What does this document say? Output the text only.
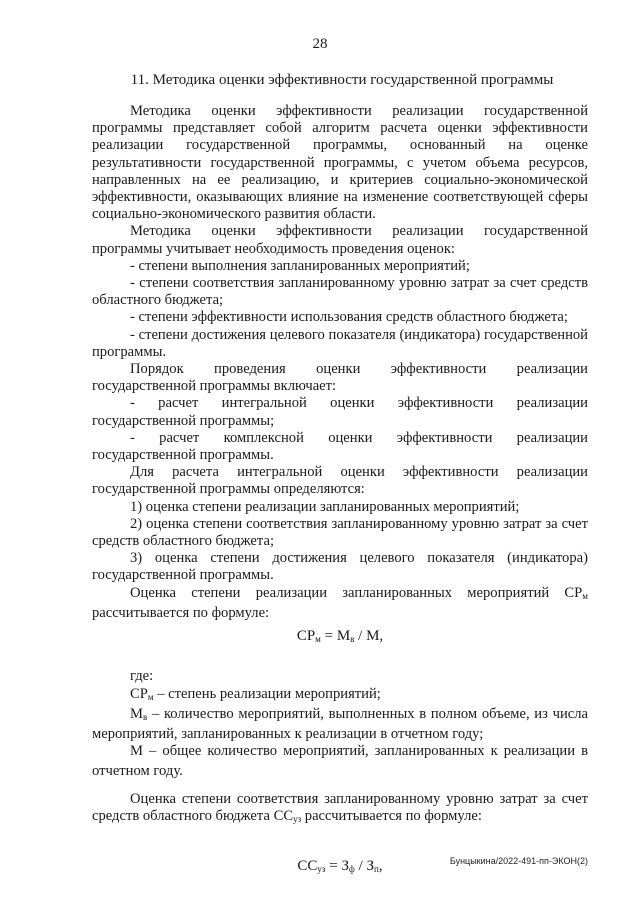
28
11. Методика оценки эффективности государственной программы

Методика оценки эффективности реализации государственной программы представляет собой алгоритм расчета оценки эффективности реализации государственной программы, основанный на оценке результативности государственной программы, с учетом объема ресурсов, направленных на ее реализацию, и критериев социально-экономической эффективности, оказывающих влияние на изменение соответствующей сферы социально-экономического развития области.

Методика оценки эффективности реализации государственной программы учитывает необходимость проведения оценок:

- степени выполнения запланированных мероприятий;

- степени соответствия запланированному уровню затрат за счет средств областного бюджета;

- степени эффективности использования средств областного бюджета;

- степени достижения целевого показателя (индикатора) государственной программы.

Порядок проведения оценки эффективности реализации государственной программы включает:

- расчет интегральной оценки эффективности реализации государственной программы;

- расчет комплексной оценки эффективности реализации государственной программы.

Для расчета интегральной оценки эффективности реализации государственной программы определяются:

1) оценка степени реализации запланированных мероприятий;

2) оценка степени соответствия запланированному уровню затрат за счет средств областного бюджета;

3) оценка степени достижения целевого показателя (индикатора) государственной программы.

Оценка степени реализации запланированных мероприятий $СР_м$ рассчитывается по формуле:

$СР_м = М_в / М$,

где:

$СР_м$ – степень реализации мероприятий;

$М_в$ – количество мероприятий, выполненных в полном объеме, из числа мероприятий, запланированных к реализации в отчетном году;

М – общее количество мероприятий, запланированных к реализации в отчетном году.

Оценка степени соответствия запланированному уровню затрат за счет средств областного бюджета $СС_{уз}$ рассчитывается по формуле:

$СС_{уз} = З_ф / З_п$,	Бунцыкина/2022-491-пп-ЭКОН(2)
